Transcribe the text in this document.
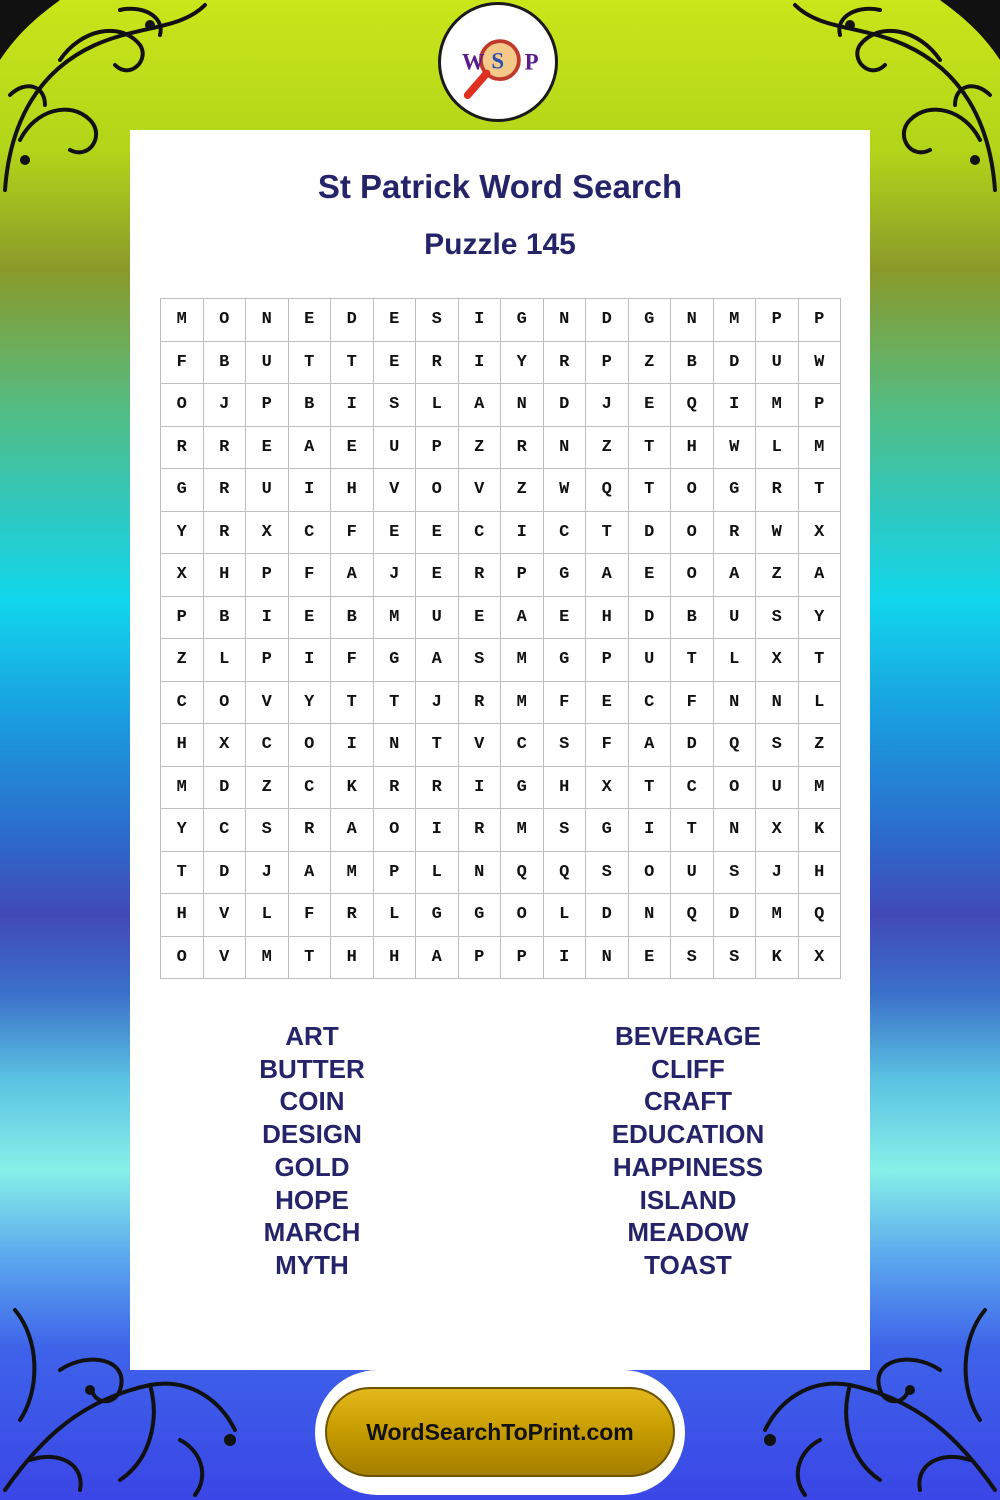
W S P
St Patrick Word Search
Puzzle 145
M	O	N	E	D	E	S	I	G	N	D	G	N	M	P	P
F	B	U	T	T	E	R	I	Y	R	P	Z	B	D	U	W
O	J	P	B	I	S	L	A	N	D	J	E	Q	I	M	P
R	R	E	A	E	U	P	Z	R	N	Z	T	H	W	L	M
G	R	U	I	H	V	O	V	Z	W	Q	T	O	G	R	T
Y	R	X	C	F	E	E	C	I	C	T	D	O	R	W	X
X	H	P	F	A	J	E	R	P	G	A	E	O	A	Z	A
P	B	I	E	B	M	U	E	A	E	H	D	B	U	S	Y
Z	L	P	I	F	G	A	S	M	G	P	U	T	L	X	T
C	O	V	Y	T	T	J	R	M	F	E	C	F	N	N	L
H	X	C	O	I	N	T	V	C	S	F	A	D	Q	S	Z
M	D	Z	C	K	R	R	I	G	H	X	T	C	O	U	M
Y	C	S	R	A	O	I	R	M	S	G	I	T	N	X	K
T	D	J	A	M	P	L	N	Q	Q	S	O	U	S	J	H
H	V	L	F	R	L	G	G	O	L	D	N	Q	D	M	Q
O	V	M	T	H	H	A	P	P	I	N	E	S	S	K	X
ART
BUTTER
COIN
DESIGN
GOLD
HOPE
MARCH
MYTH
BEVERAGE
CLIFF
CRAFT
EDUCATION
HAPPINESS
ISLAND
MEADOW
TOAST
WordSearchToPrint.com
